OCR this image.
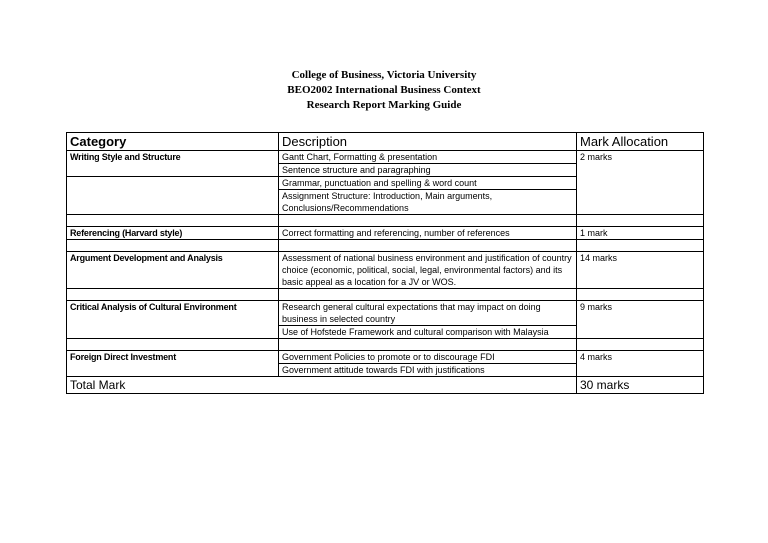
College of Business, Victoria University
BEO2002 International Business Context
Research Report Marking Guide
Category	Description	Mark Allocation
Writing Style and Structure	Gantt Chart, Formatting & presentation	2 marks
	Sentence structure and paragraphing	
	Grammar, punctuation and spelling & word count	
	Assignment Structure: Introduction, Main arguments, Conclusions/Recommendations	

Referencing (Harvard style)	Correct formatting and referencing, number of references	1 mark

Argument Development and Analysis	Assessment of national business environment and justification of country choice (economic, political, social, legal, environmental factors) and its basic appeal as a location for a JV or WOS.	14 marks

Critical Analysis of Cultural Environment	Research general cultural expectations that may impact on doing business in selected country	9 marks
	Use of Hofstede Framework and cultural comparison with Malaysia	

Foreign Direct Investment	Government Policies to promote or to discourage FDI	4 marks
	Government attitude towards FDI with justifications	
Total Mark		30 marks
